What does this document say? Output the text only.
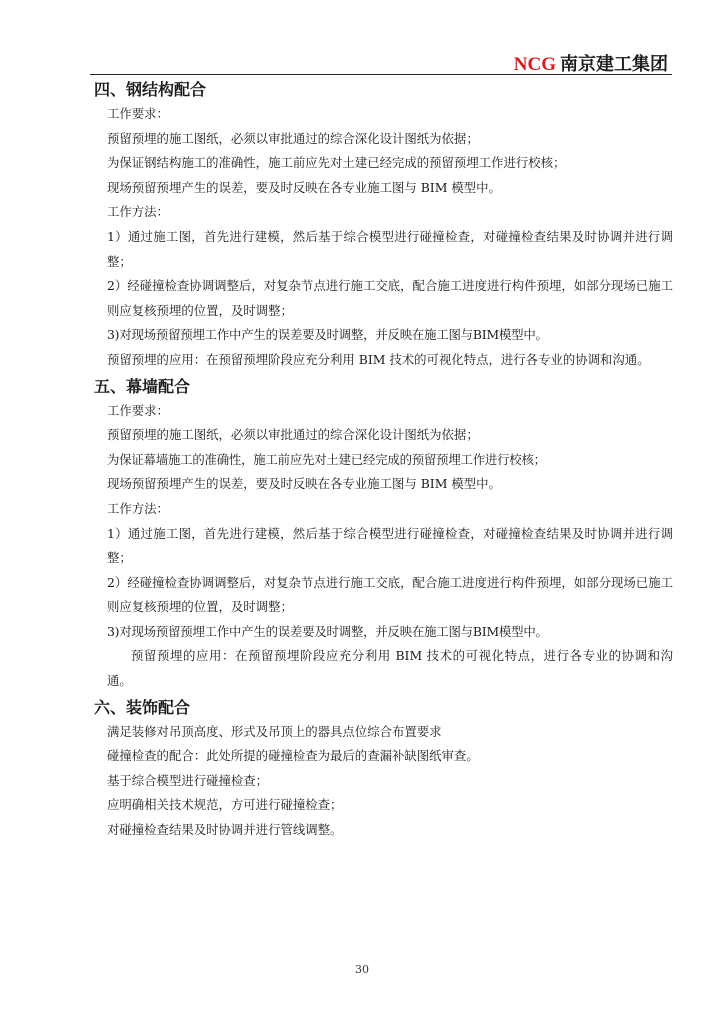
NCG 南京建工集团
四、钢结构配合
工作要求：
预留预埋的施工图纸，必须以审批通过的综合深化设计图纸为依据；
为保证钢结构施工的准确性，施工前应先对土建已经完成的预留预埋工作进行校核；
现场预留预埋产生的误差，要及时反映在各专业施工图与 BIM 模型中。
工作方法：
1）通过施工图，首先进行建模，然后基于综合模型进行碰撞检查，对碰撞检查结果及时协调并进行调整；
2）经碰撞检查协调调整后，对复杂节点进行施工交底，配合施工进度进行构件预埋，如部分现场已施工则应复核预埋的位置，及时调整；
3)对现场预留预埋工作中产生的误差要及时调整，并反映在施工图与BIM模型中。
预留预埋的应用：在预留预埋阶段应充分利用 BIM 技术的可视化特点，进行各专业的协调和沟通。
五、幕墙配合
工作要求：
预留预埋的施工图纸，必须以审批通过的综合深化设计图纸为依据；
为保证幕墙施工的准确性，施工前应先对土建已经完成的预留预埋工作进行校核；
现场预留预埋产生的误差，要及时反映在各专业施工图与 BIM 模型中。
工作方法：
1）通过施工图，首先进行建模，然后基于综合模型进行碰撞检查，对碰撞检查结果及时协调并进行调整；
2）经碰撞检查协调调整后，对复杂节点进行施工交底，配合施工进度进行构件预埋，如部分现场已施工则应复核预埋的位置，及时调整；
3)对现场预留预埋工作中产生的误差要及时调整，并反映在施工图与BIM模型中。
预留预埋的应用：在预留预埋阶段应充分利用 BIM 技术的可视化特点，进行各专业的协调和沟通。
六、装饰配合
满足装修对吊顶高度、形式及吊顶上的器具点位综合布置要求
碰撞检查的配合：此处所提的碰撞检查为最后的查漏补缺图纸审查。
基于综合模型进行碰撞检查；
应明确相关技术规范，方可进行碰撞检查；
对碰撞检查结果及时协调并进行管线调整。
30
